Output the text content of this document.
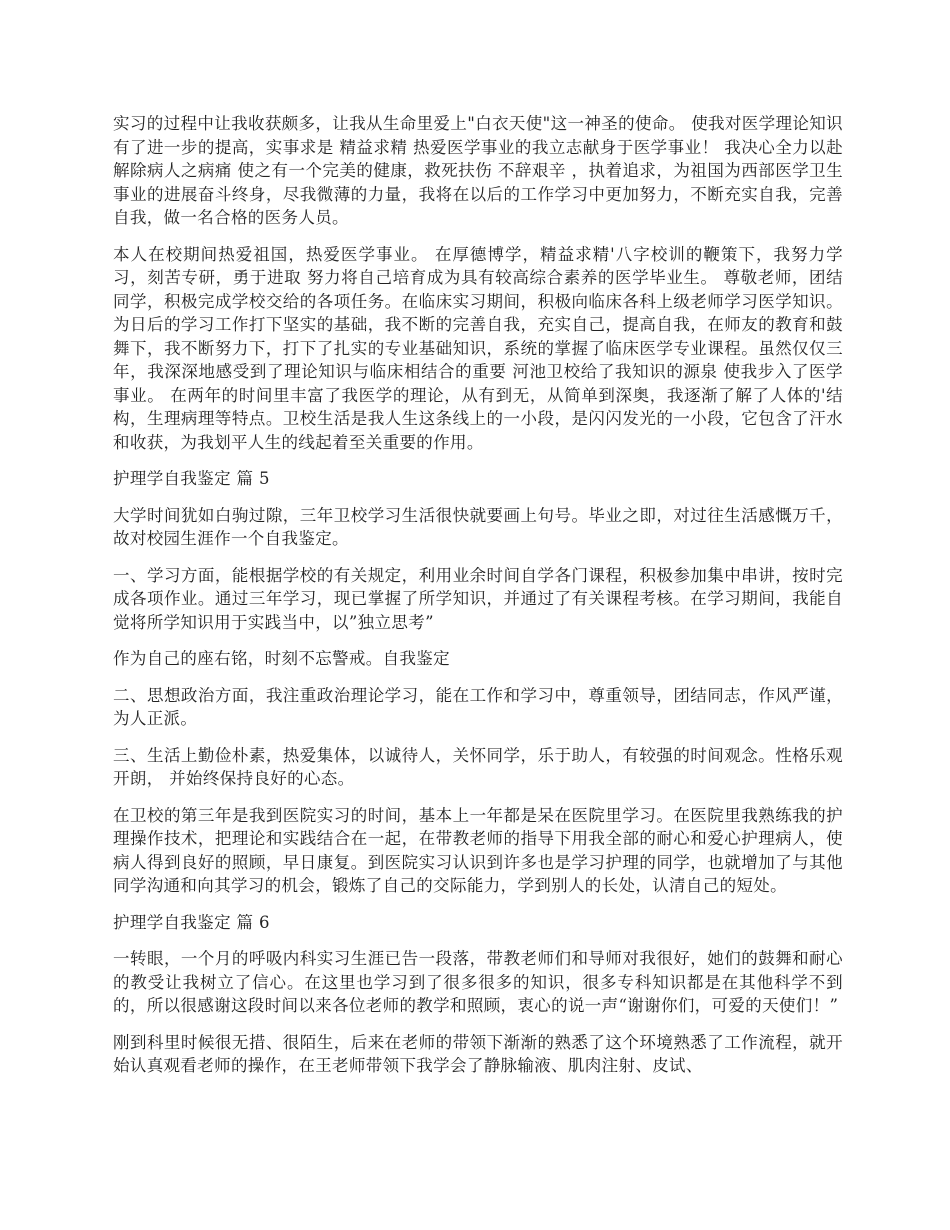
实习的过程中让我收获颇多，让我从生命里爱上"白衣天使"这一神圣的使命。 使我对医学理论知识有了进一步的提高，实事求是 精益求精 热爱医学事业的我立志献身于医学事业！ 我决心全力以赴解除病人之病痛 使之有一个完美的健康，救死扶伤 不辞艰辛 ，执着追求，为祖国为西部医学卫生事业的进展奋斗终身，尽我微薄的力量，我将在以后的工作学习中更加努力，不断充实自我，完善自我，做一名合格的医务人员。

本人在校期间热爱祖国，热爱医学事业。 在厚德博学，精益求精'八字校训的鞭策下，我努力学习，刻苦专研，勇于进取 努力将自己培育成为具有较高综合素养的医学毕业生。 尊敬老师，团结同学，积极完成学校交给的各项任务。在临床实习期间，积极向临床各科上级老师学习医学知识。为日后的学习工作打下坚实的基础，我不断的完善自我，充实自己，提高自我，在师友的教育和鼓舞下，我不断努力下，打下了扎实的专业基础知识，系统的掌握了临床医学专业课程。虽然仅仅三年，我深深地感受到了理论知识与临床相结合的重要 河池卫校给了我知识的源泉 使我步入了医学事业。 在两年的时间里丰富了我医学的理论，从有到无，从简单到深奥，我逐渐了解了人体的'结构，生理病理等特点。卫校生活是我人生这条线上的一小段，是闪闪发光的一小段，它包含了汗水和收获，为我划平人生的线起着至关重要的作用。

护理学自我鉴定 篇 5

大学时间犹如白驹过隙，三年卫校学习生活很快就要画上句号。毕业之即，对过往生活感慨万千，故对校园生涯作一个自我鉴定。

一、学习方面，能根据学校的有关规定，利用业余时间自学各门课程，积极参加集中串讲，按时完成各项作业。通过三年学习，现已掌握了所学知识，并通过了有关课程考核。在学习期间，我能自觉将所学知识用于实践当中，以”独立思考”

作为自己的座右铭，时刻不忘警戒。自我鉴定

二、思想政治方面，我注重政治理论学习，能在工作和学习中，尊重领导，团结同志，作风严谨，为人正派。

三、生活上勤俭朴素，热爱集体，以诚待人，关怀同学，乐于助人，有较强的时间观念。性格乐观开朗， 并始终保持良好的心态。

在卫校的第三年是我到医院实习的时间，基本上一年都是呆在医院里学习。在医院里我熟练我的护理操作技术，把理论和实践结合在一起，在带教老师的指导下用我全部的耐心和爱心护理病人，使病人得到良好的照顾，早日康复。到医院实习认识到许多也是学习护理的同学，也就增加了与其他同学沟通和向其学习的机会，锻炼了自己的交际能力，学到别人的长处，认清自己的短处。

护理学自我鉴定 篇 6

一转眼，一个月的呼吸内科实习生涯已告一段落，带教老师们和导师对我很好，她们的鼓舞和耐心的教受让我树立了信心。在这里也学习到了很多很多的知识，很多专科知识都是在其他科学不到的，所以很感谢这段时间以来各位老师的教学和照顾，衷心的说一声“谢谢你们，可爱的天使们！”

刚到科里时候很无措、很陌生，后来在老师的带领下渐渐的熟悉了这个环境熟悉了工作流程，就开始认真观看老师的操作，在王老师带领下我学会了静脉输液、肌肉注射、皮试、
